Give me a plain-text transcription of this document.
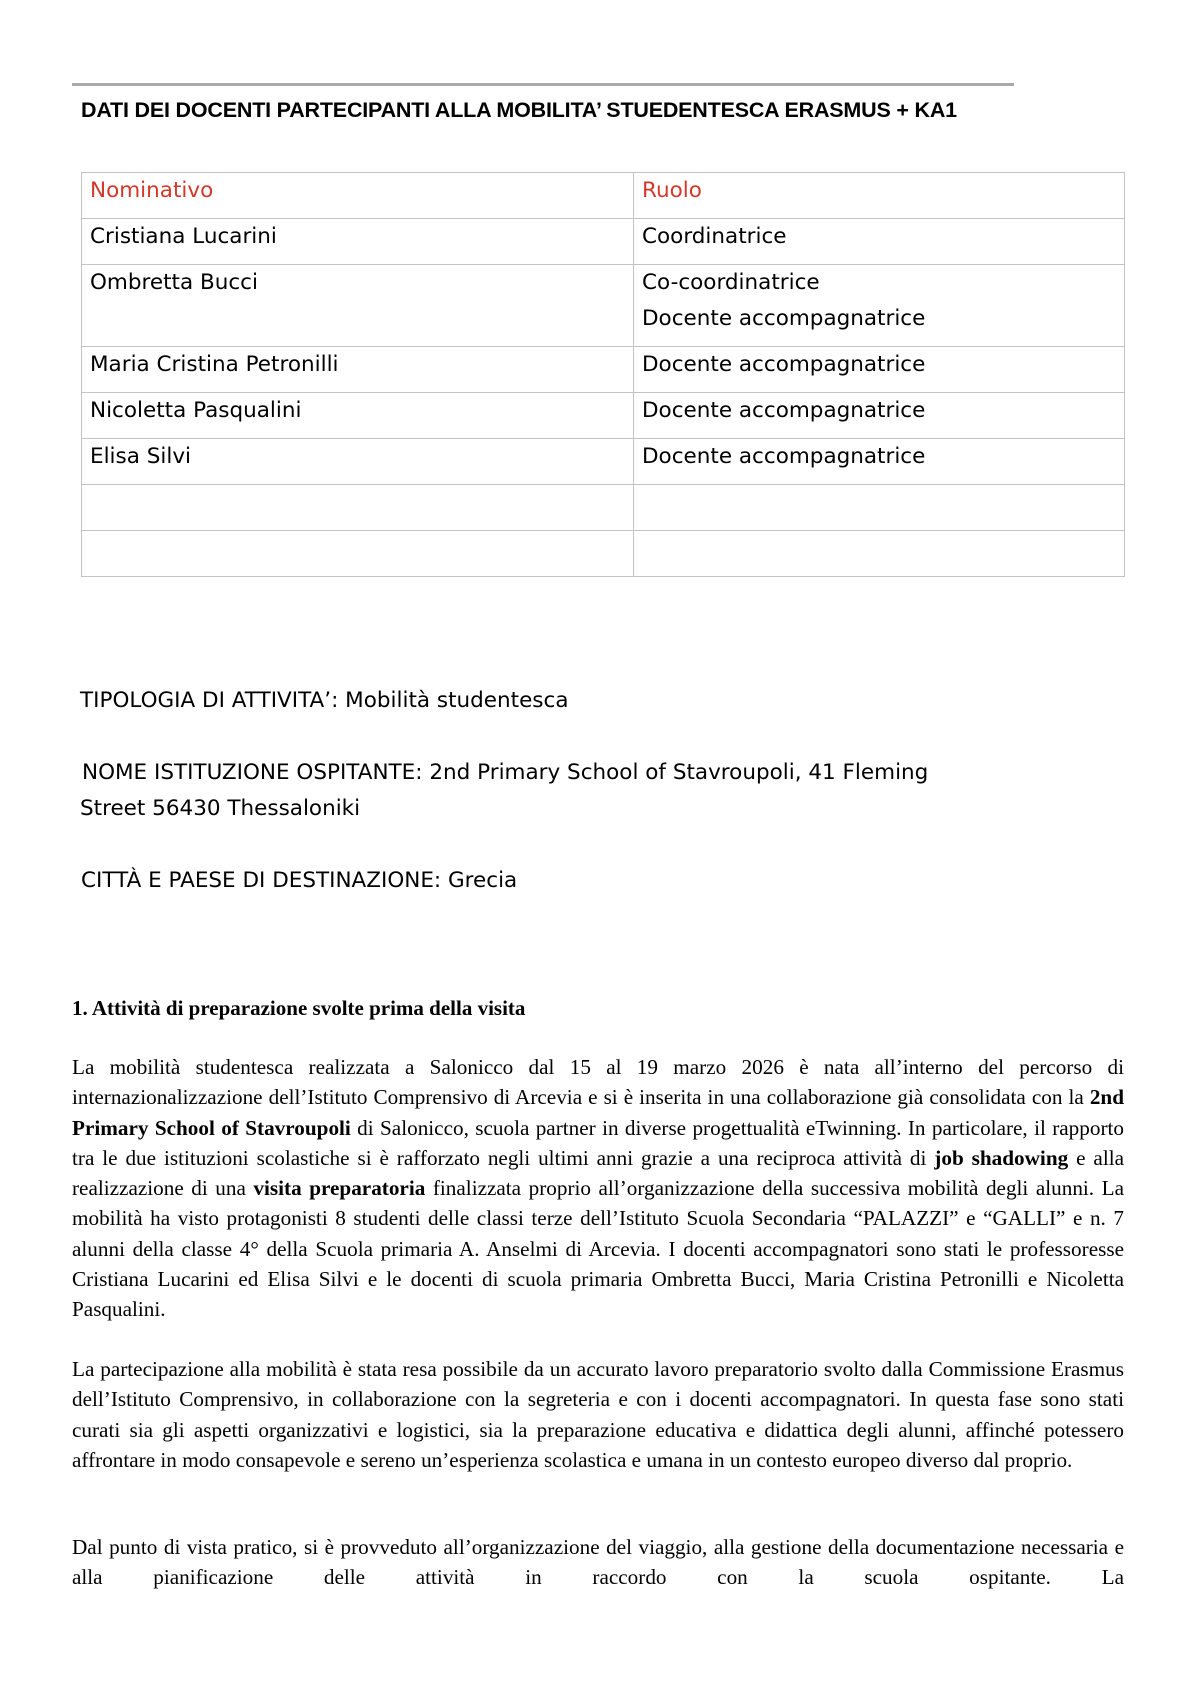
DATI DEI DOCENTI PARTECIPANTI ALLA MOBILITA’ STUEDENTESCA ERASMUS + KA1
Nominativo	Ruolo
Cristiana Lucarini	Coordinatrice
Ombretta Bucci	Co-coordinatrice
Docente accompagnatrice

Maria Cristina Petronilli	Docente accompagnatrice
Nicoletta Pasqualini	Docente accompagnatrice
Elisa Silvi	Docente accompagnatrice

TIPOLOGIA DI ATTIVITA’: Mobilità studentesca
NOME ISTITUZIONE OSPITANTE: 2nd Primary School of Stavroupoli, 41 Fleming
Street 56430 Thessaloniki
CITTÀ E PAESE DI DESTINAZIONE: Grecia
1. Attività di preparazione svolte prima della visita

La mobilità studentesca realizzata a Salonicco dal 15 al 19 marzo 2026 è nata all’interno del percorso di internazionalizzazione dell’Istituto Comprensivo di Arcevia e si è inserita in una collaborazione già consolidata con la 2nd Primary School of Stavroupoli di Salonicco, scuola partner in diverse progettualità eTwinning. In particolare, il rapporto tra le due istituzioni scolastiche si è rafforzato negli ultimi anni grazie a una reciproca attività di job shadowing e alla realizzazione di una visita preparatoria finalizzata proprio all’organizzazione della successiva mobilità degli alunni. La mobilità ha visto protagonisti 8 studenti delle classi terze dell’Istituto Scuola Secondaria “PALAZZI” e “GALLI” e n. 7 alunni della classe 4° della Scuola primaria A. Anselmi di Arcevia. I docenti accompagnatori sono stati le professoresse Cristiana Lucarini ed Elisa Silvi e le docenti di scuola primaria Ombretta Bucci, Maria Cristina Petronilli e Nicoletta Pasqualini.

La partecipazione alla mobilità è stata resa possibile da un accurato lavoro preparatorio svolto dalla Commissione Erasmus dell’Istituto Comprensivo, in collaborazione con la segreteria e con i docenti accompagnatori. In questa fase sono stati curati sia gli aspetti organizzativi e logistici, sia la preparazione educativa e didattica degli alunni, affinché potessero affrontare in modo consapevole e sereno un’esperienza scolastica e umana in un contesto europeo diverso dal proprio.

Dal punto di vista pratico, si è provveduto all’organizzazione del viaggio, alla gestione della documentazione necessaria e alla pianificazione delle attività in raccordo con la scuola ospitante. La
